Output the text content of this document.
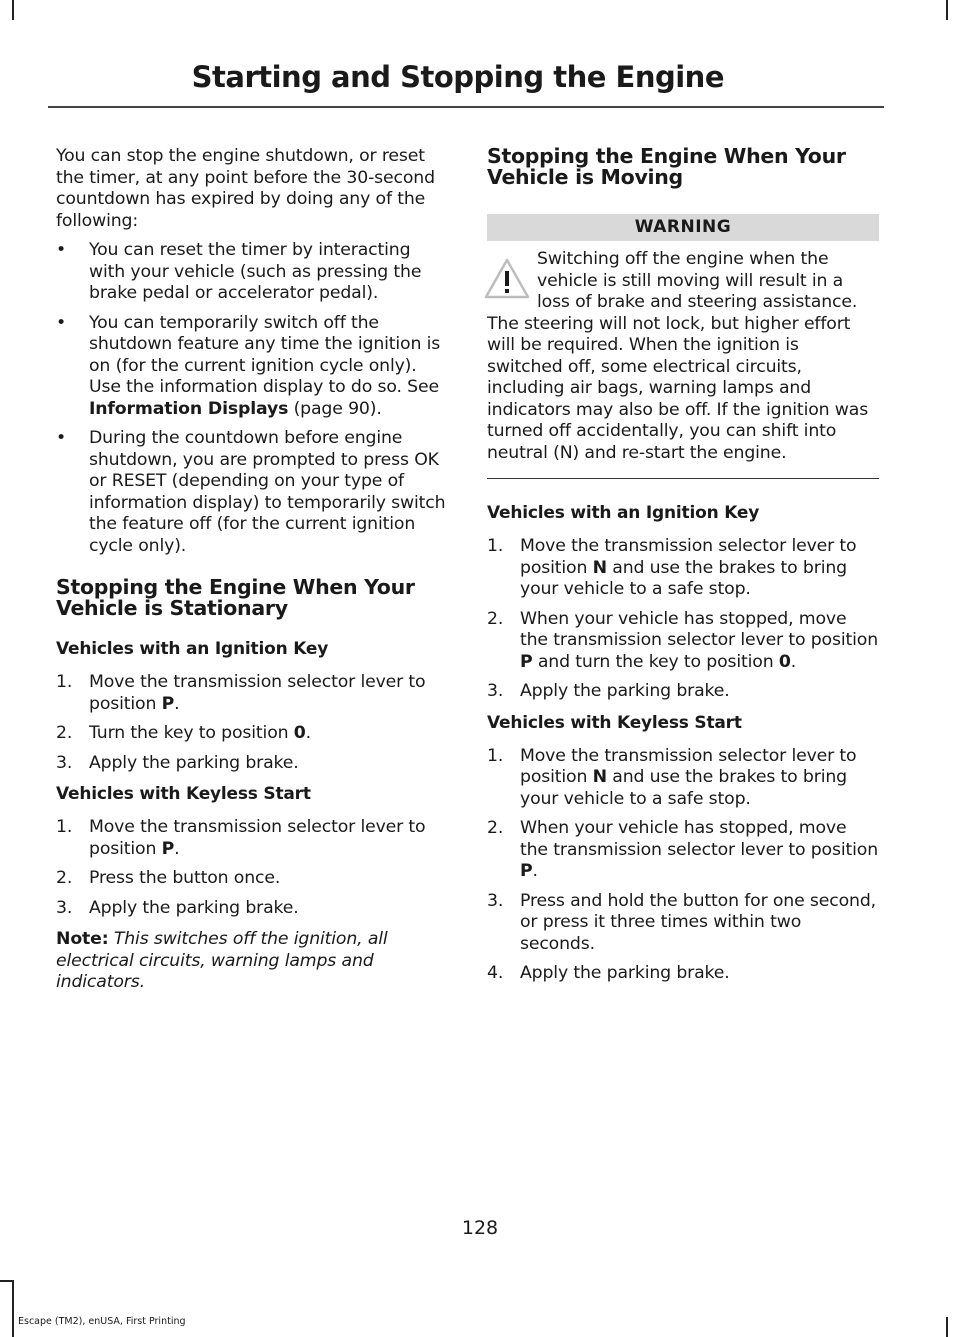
Starting and Stopping the Engine

You can stop the engine shutdown, or reset the timer, at any point before the 30-second countdown has expired by doing any of the following:

• You can reset the timer by interacting with your vehicle (such as pressing the brake pedal or accelerator pedal).
• You can temporarily switch off the shutdown feature any time the ignition is on (for the current ignition cycle only). Use the information display to do so. See Information Displays (page 90).
• During the countdown before engine shutdown, you are prompted to press OK or RESET (depending on your type of information display) to temporarily switch the feature off (for the current ignition cycle only).
Stopping the Engine When Your Vehicle is Stationary
Vehicles with an Ignition Key
1. Move the transmission selector lever to position P.
2. Turn the key to position 0.
3. Apply the parking brake.
Vehicles with Keyless Start
1. Move the transmission selector lever to position P.
2. Press the button once.
3. Apply the parking brake.

Note: This switches off the ignition, all electrical circuits, warning lamps and indicators.

Stopping the Engine When Your Vehicle is Moving
WARNING
Switching off the engine when the vehicle is still moving will result in a loss of brake and steering assistance. The steering will not lock, but higher effort will be required. When the ignition is switched off, some electrical circuits, including air bags, warning lamps and indicators may also be off. If the ignition was turned off accidentally, you can shift into neutral (N) and re-start the engine.
Vehicles with an Ignition Key
1. Move the transmission selector lever to position N and use the brakes to bring your vehicle to a safe stop.
2. When your vehicle has stopped, move the transmission selector lever to position P and turn the key to position 0.
3. Apply the parking brake.
Vehicles with Keyless Start
1. Move the transmission selector lever to position N and use the brakes to bring your vehicle to a safe stop.
2. When your vehicle has stopped, move the transmission selector lever to position P.
3. Press and hold the button for one second, or press it three times within two seconds.
4. Apply the parking brake.
128
Escape (TM2), enUSA, First Printing
